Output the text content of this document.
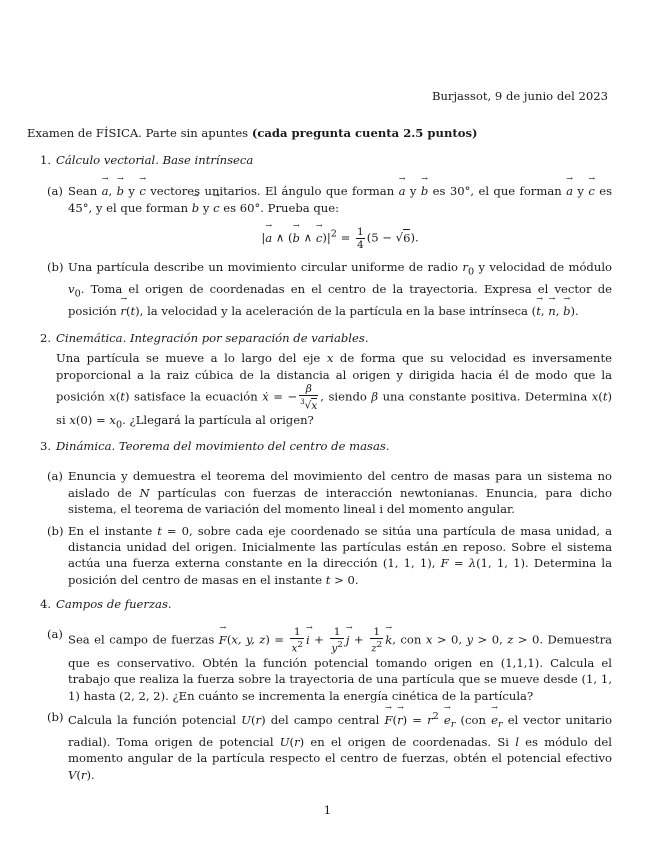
Burjassot, 9 de junio del 2023
Examen de FÍSICA. Parte sin apuntes (cada pregunta cuenta 2.5 puntos)
1. Cálculo vectorial. Base intrínseca
(a) Sean → a, → b y → c vectores unitarios. El ángulo que forman → a y → b es 30°, el que forman → a y → c es 45°, y el que forman → b y → c es 60°. Prueba que:
|→ a ∧ (→ b ∧ → $c)|^2 = \frac{1}{4} (5 - √6)$.
(b) Una partícula describe un movimiento circular uniforme de radio $r_0$ y velocidad de módulo $v_0$. Toma el origen de coordenadas en el centro de la trayectoria. Expresa el vector de posición → r(t), la velocidad y la aceleración de la partícula en la base intrínseca (→ t, → n, → b).
2. Cinemática. Integración por separación de variables.
Una partícula se mueve a lo largo del eje x de forma que su velocidad es inversamente proporcional a la raiz cúbica de la distancia al origen y dirigida hacia él de modo que la posición x(t) satisface la ecuación ẋ = − $\frac{\beta}{^3√x}$ , siendo β una constante positiva. Determina x(t) si $x(0) = x_0$. ¿Llegará la partícula al origen?
3. Dinámica. Teorema del movimiento del centro de masas.
(a) Enuncia y demuestra el teorema del movimiento del centro de masas para un sistema no aislado de N partículas con fuerzas de interacción newtonianas. Enuncia, para dicho sistema, el teorema de variación del momento lineal i del momento angular.
(b) En el instante t = 0, sobre cada eje coordenado se sitúa una partícula de masa unidad, a distancia unidad del origen. Inicialmente las partículas están en reposo. Sobre el sistema actúa una fuerza externa constante en la dirección (1, 1, 1), → F = λ(1, 1, 1). Determina la posición del centro de masas en el instante t > 0.
4. Campos de fuerzas.
(a) Sea el campo de fuerzas → F(x, y, $z) = \frac{1}{x^2}$
→ $i + \frac{1}{y^2}$
→ $j + \frac{1}{z^2}$
→ k, con x > 0, y > 0, z > 0. Demuestra que es conservativo. Obtén la función potencial tomando origen en (1,1,1). Calcula el trabajo que realiza la fuerza sobre la trayectoria de una partícula que se mueve desde (1, 1, 1) hasta (2, 2, 2). ¿En cuánto se incrementa la energía cinética de la partícula?
(b) Calcula la función potencial U(r) del campo central → $F(\to r) = r^2 \to e_r$ ($con \to e_r$ el vector unitario radial). Toma origen de potencial U(r) en el origen de coordenadas. Si l es módulo del momento angular de la partícula respecto el centro de fuerzas, obtén el potencial efectivo V(r).
1
